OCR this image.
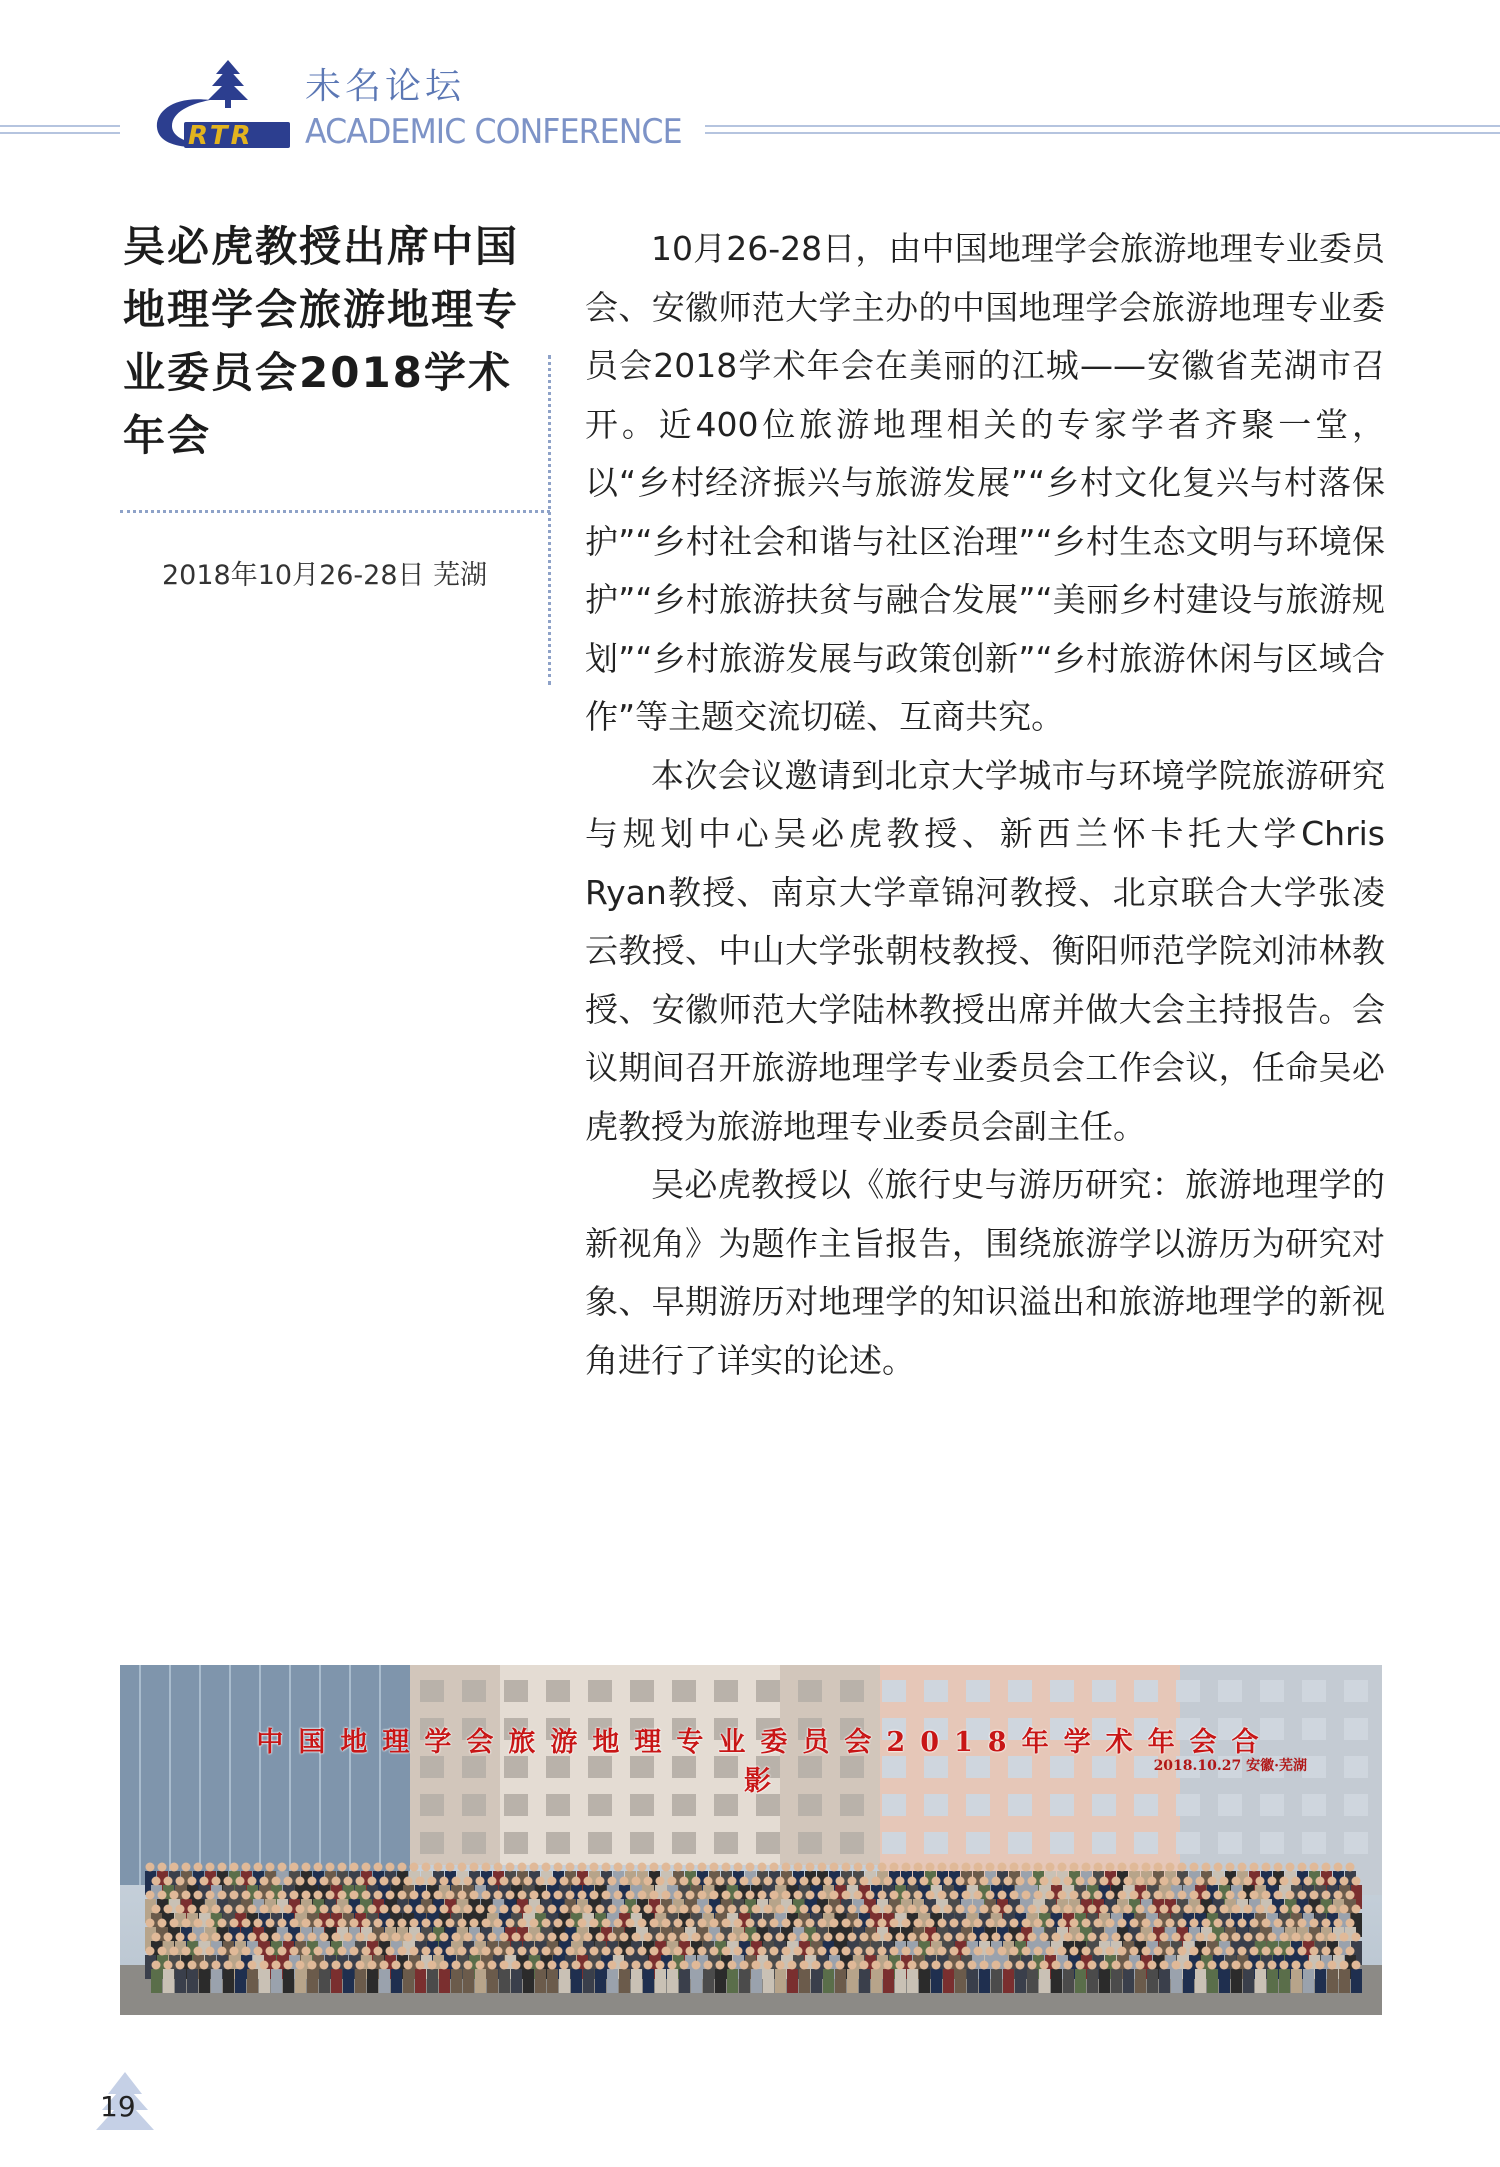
RTR
未名论坛
ACADEMIC CONFERENCE
吴必虎教授出席中国地理学会旅游地理专业委员会2018学术年会
2018年10月26-28日 芜湖

10月26-28日，由中国地理学会旅游地理专业委员会、安徽师范大学主办的中国地理学会旅游地理专业委员会2018学术年会在美丽的江城——安徽省芜湖市召开。近400位旅游地理相关的专家学者齐聚一堂，以“乡村经济振兴与旅游发展”“乡村文化复兴与村落保护”“乡村社会和谐与社区治理”“乡村生态文明与环境保护”“乡村旅游扶贫与融合发展”“美丽乡村建设与旅游规划”“乡村旅游发展与政策创新”“乡村旅游休闲与区域合作”等主题交流切磋、互商共究。

本次会议邀请到北京大学城市与环境学院旅游研究与规划中心吴必虎教授、新西兰怀卡托大学Chris Ryan教授、南京大学章锦河教授、北京联合大学张凌云教授、中山大学张朝枝教授、衡阳师范学院刘沛林教授、安徽师范大学陆林教授出席并做大会主持报告。会议期间召开旅游地理学专业委员会工作会议，任命吴必虎教授为旅游地理专业委员会副主任。

吴必虎教授以《旅行史与游历研究：旅游地理学的新视角》为题作主旨报告，围绕旅游学以游历为研究对象、早期游历对地理学的知识溢出和旅游地理学的新视角进行了详实的论述。

中国地理学会旅游地理专业委员会2018年学术年会合影	2018.10.27 安徽·芜湖
19
